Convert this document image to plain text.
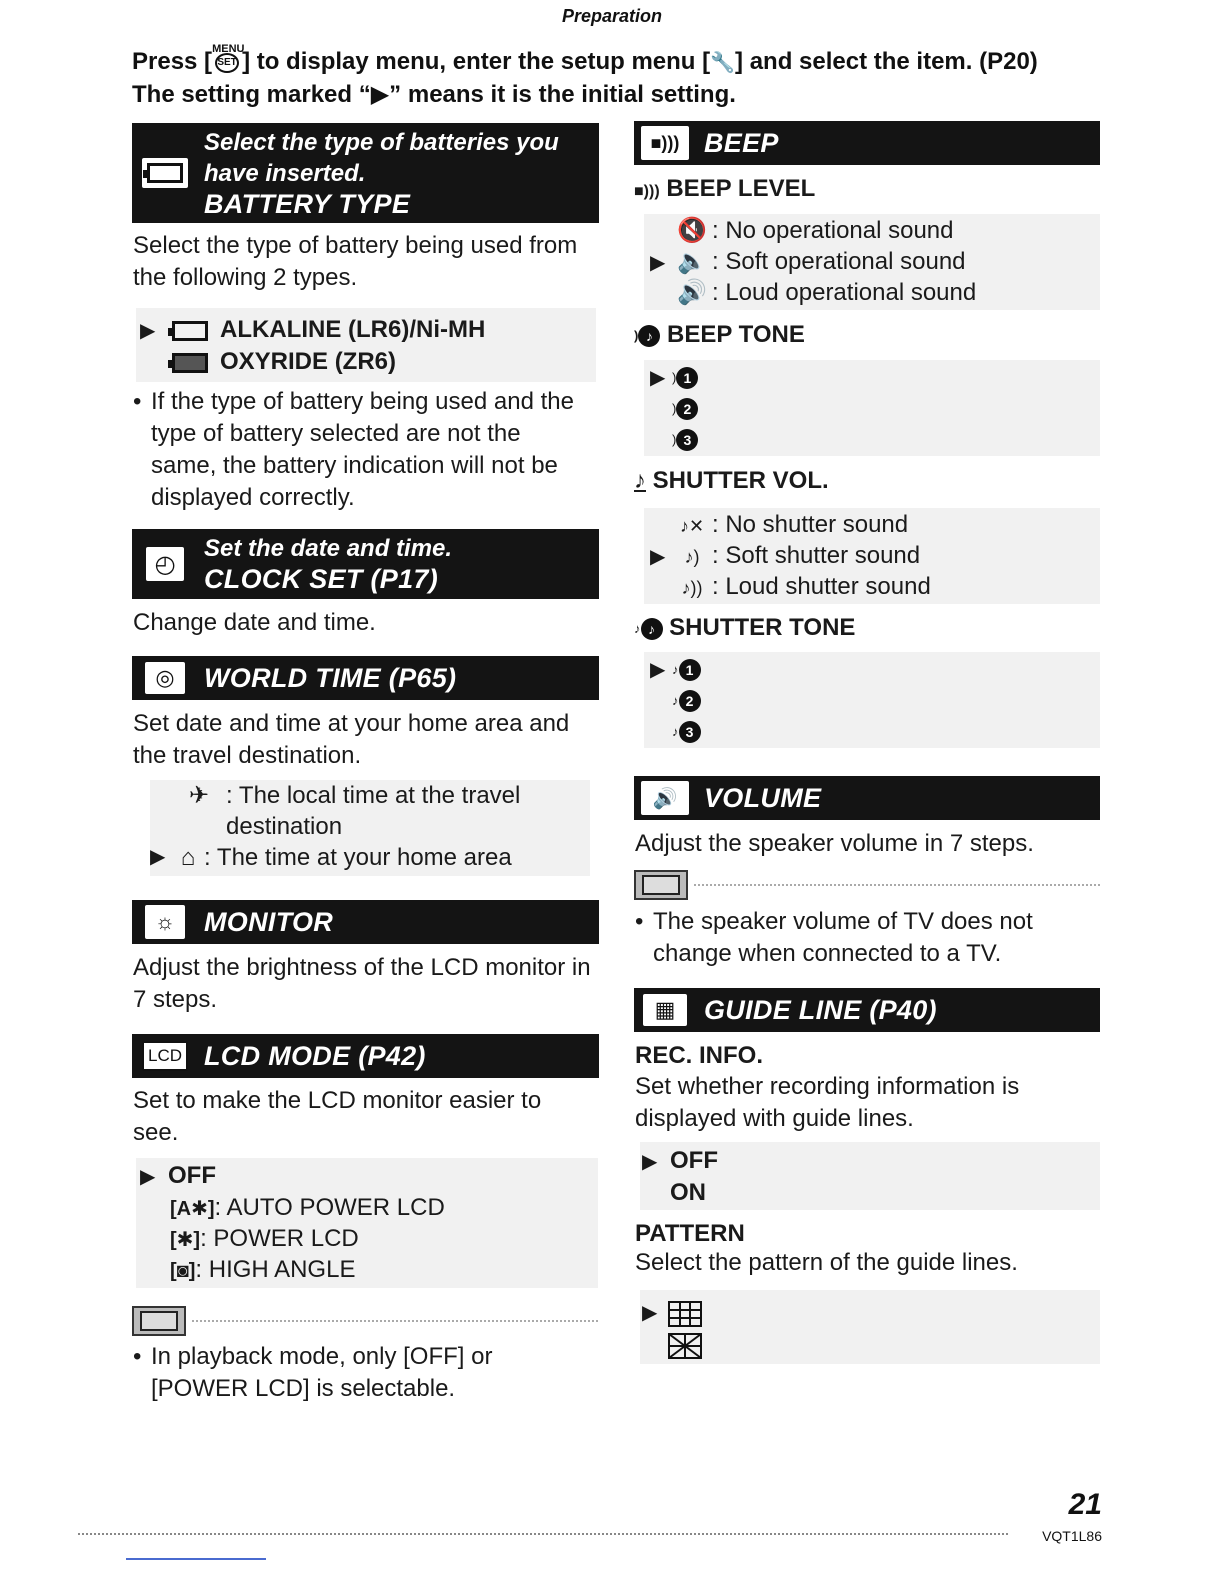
Preparation
Press [ MENU
SET ] to display menu, enter the setup menu [🔧] and select the item. (P20)
The setting marked “▶” means it is the initial setting.
Select the type of batteries you have inserted.
BATTERY TYPE
Select the type of battery being used from the following 2 types.
▶	ALKALINE (LR6)/Ni-MH
OXYRIDE (ZR6)
• If the type of battery being used and the type of battery selected are not the same, the battery indication will not be displayed correctly.
◴
Set the date and time.
CLOCK SET (P17)
Change date and time.
◎	WORLD TIME (P65)
Set date and time at your home area and the travel destination.
✈ : The local time at the travel destination
▶ ⌂ : The time at your home area
☼	MONITOR
Adjust the brightness of the LCD monitor in 7 steps.
LCD LCD MODE (P42)
Set to make the LCD monitor easier to see.
▶ OFF
[A✱]: AUTO POWER LCD
[✱]: POWER LCD
[◙]: HIGH ANGLE
• In playback mode, only [OFF] or [POWER LCD] is selectable.
■))) BEEP
■))) BEEP LEVEL
🔇 : No operational sound
▶ 🔈 : Soft operational sound
🔊 : Loud operational sound
) ♪ BEEP TONE
▶ ) 1
) 2
) 3
♪ SHUTTER VOL.
♪✕ : No shutter sound
▶ ♪) : Soft shutter sound
♪)) : Loud shutter sound
♪ ♪ SHUTTER TONE
▶ ♪ 1
♪ 2
♪ 3
🔊 VOLUME
Adjust the speaker volume in 7 steps.
• The speaker volume of TV does not change when connected to a TV.
▦	GUIDE LINE (P40)
REC. INFO.
Set whether recording information is displayed with guide lines.
▶ OFF
ON
PATTERN
Select the pattern of the guide lines.
▶
21
VQT1L86
